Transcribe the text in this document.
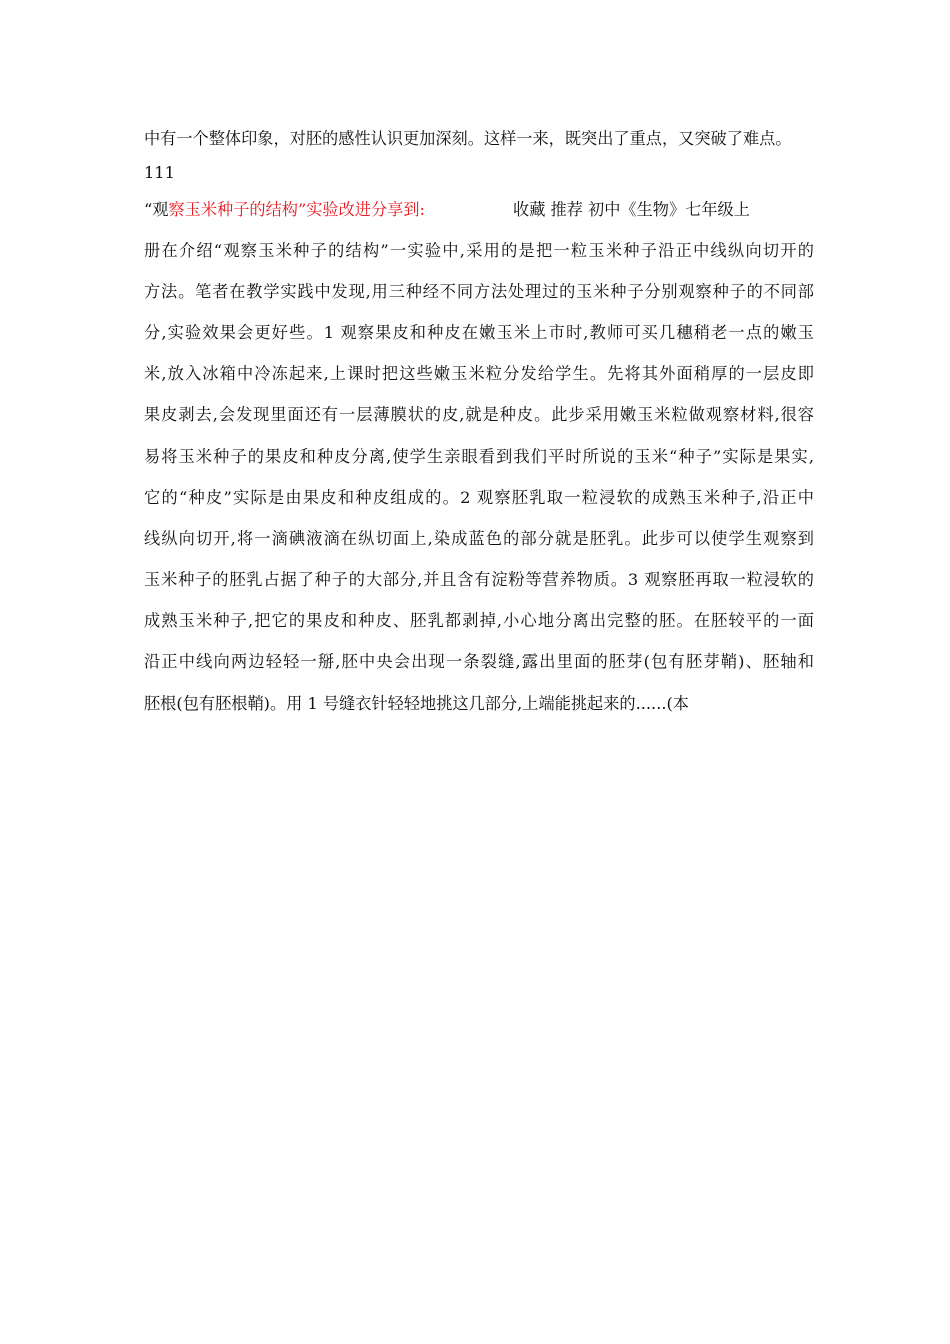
中有一个整体印象，对胚的感性认识更加深刻。这样一来，既突出了重点，又突破了难点。
111
“观察玉米种子的结构”实验改进分享到:	收藏 推荐 初中《生物》七年级上
册在介绍“观察玉米种子的结构”一实验中,采用的是把一粒玉米种子沿正中线纵向切开的
方法。笔者在教学实践中发现,用三种经不同方法处理过的玉米种子分别观察种子的不同部
分,实验效果会更好些。1 观察果皮和种皮在嫩玉米上市时,教师可买几穗稍老一点的嫩玉
米,放入冰箱中冷冻起来,上课时把这些嫩玉米粒分发给学生。先将其外面稍厚的一层皮即
果皮剥去,会发现里面还有一层薄膜状的皮,就是种皮。此步采用嫩玉米粒做观察材料,很容
易将玉米种子的果皮和种皮分离,使学生亲眼看到我们平时所说的玉米“种子”实际是果实,
它的“种皮”实际是由果皮和种皮组成的。2 观察胚乳取一粒浸软的成熟玉米种子,沿正中
线纵向切开,将一滴碘液滴在纵切面上,染成蓝色的部分就是胚乳。此步可以使学生观察到
玉米种子的胚乳占据了种子的大部分,并且含有淀粉等营养物质。3 观察胚再取一粒浸软的
成熟玉米种子,把它的果皮和种皮、胚乳都剥掉,小心地分离出完整的胚。在胚较平的一面
沿正中线向两边轻轻一掰,胚中央会出现一条裂缝,露出里面的胚芽(包有胚芽鞘)、胚轴和
胚根(包有胚根鞘)。用 1 号缝衣针轻轻地挑这几部分,上端能挑起来的......(本
